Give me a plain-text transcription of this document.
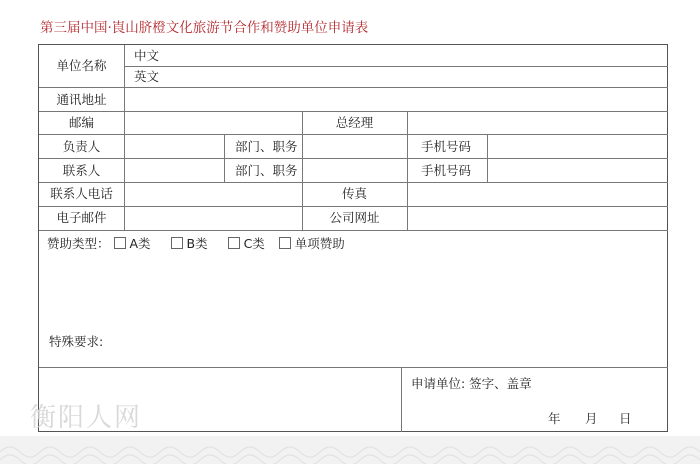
第三届中国·崀山脐橙文化旅游节合作和赞助单位申请表
单位名称
中文
英文
通讯地址
邮编	总经理
负责人	部门、职务	手机号码
联系人	部门、职务	手机号码
联系人电话	传真
电子邮件	公司网址
赞助类型： A类	B类	C类 单项赞助
特殊要求:
申请单位: 签字、盖章
年 月 日
衡阳人网
